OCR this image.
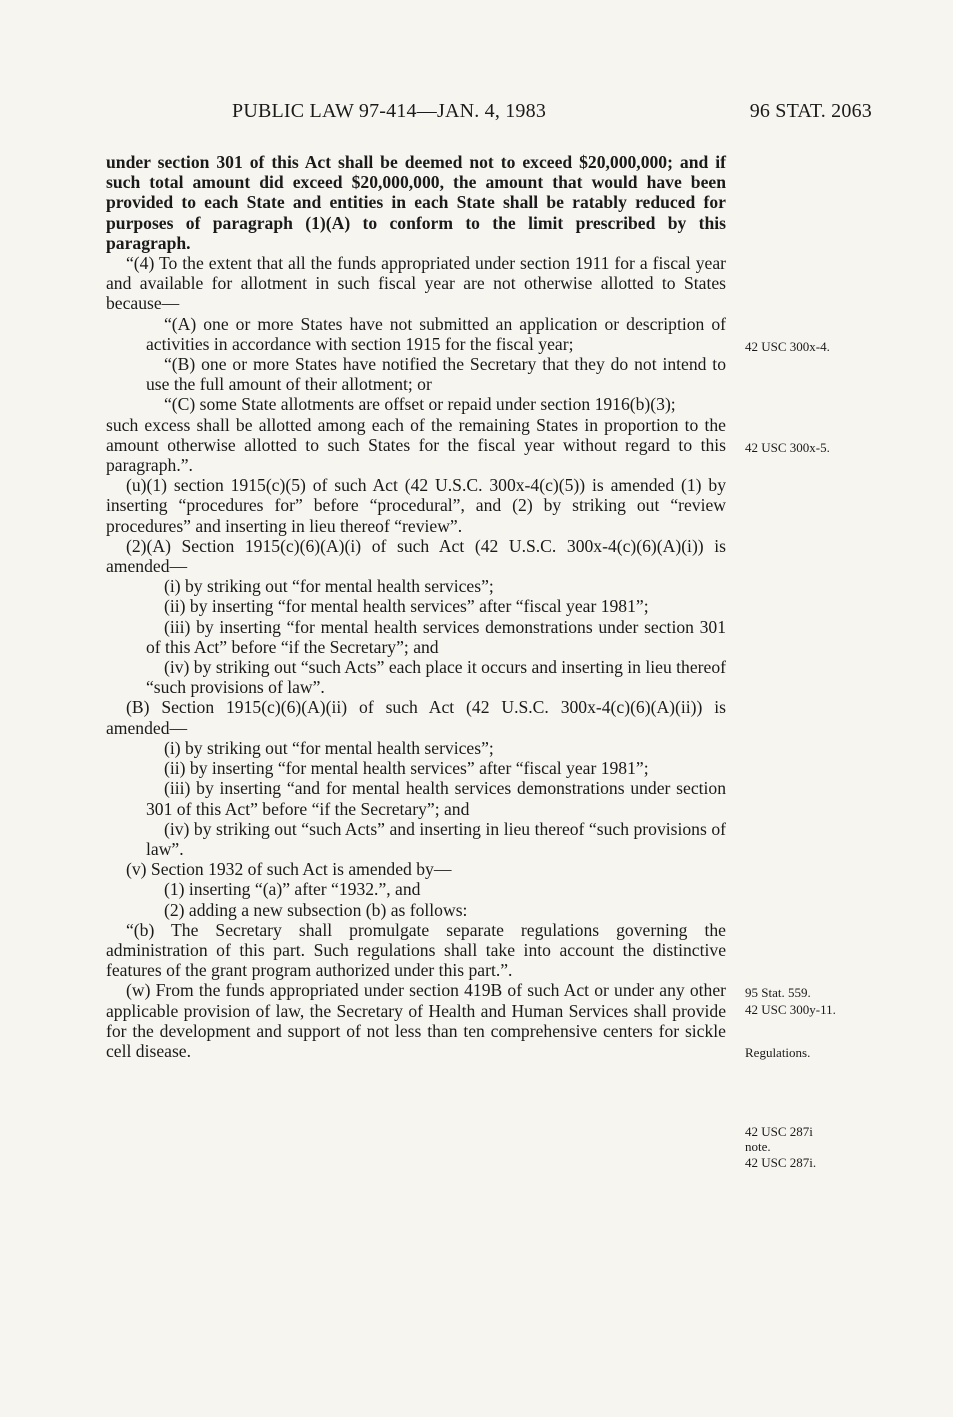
PUBLIC LAW 97-414—JAN. 4, 1983	96 STAT. 2063

under section 301 of this Act shall be deemed not to exceed $20,000,000; and if such total amount did exceed $20,000,000, the amount that would have been provided to each State and entities in each State shall be ratably reduced for purposes of paragraph (1)(A) to conform to the limit prescribed by this paragraph.

“(4) To the extent that all the funds appropriated under section 1911 for a fiscal year and available for allotment in such fiscal year are not otherwise allotted to States because—

“(A) one or more States have not submitted an application or description of activities in accordance with section 1915 for the fiscal year;

“(B) one or more States have notified the Secretary that they do not intend to use the full amount of their allotment; or

“(C) some State allotments are offset or repaid under section 1916(b)(3);

such excess shall be allotted among each of the remaining States in proportion to the amount otherwise allotted to such States for the fiscal year without regard to this paragraph.”.

(u)(1) section 1915(c)(5) of such Act (42 U.S.C. 300x-4(c)(5)) is amended (1) by inserting “procedures for” before “procedural”, and (2) by striking out “review procedures” and inserting in lieu thereof “review”.

(2)(A) Section 1915(c)(6)(A)(i) of such Act (42 U.S.C. 300x-4(c)(6)(A)(i)) is amended—

(i) by striking out “for mental health services”;

(ii) by inserting “for mental health services” after “fiscal year 1981”;

(iii) by inserting “for mental health services demonstrations under section 301 of this Act” before “if the Secretary”; and

(iv) by striking out “such Acts” each place it occurs and inserting in lieu thereof “such provisions of law”.

(B) Section 1915(c)(6)(A)(ii) of such Act (42 U.S.C. 300x-4(c)(6)(A)(ii)) is amended—

(i) by striking out “for mental health services”;

(ii) by inserting “for mental health services” after “fiscal year 1981”;

(iii) by inserting “and for mental health services demonstrations under section 301 of this Act” before “if the Secretary”; and

(iv) by striking out “such Acts” and inserting in lieu thereof “such provisions of law”.

(v) Section 1932 of such Act is amended by—

(1) inserting “(a)” after “1932.”, and

(2) adding a new subsection (b) as follows:

“(b) The Secretary shall promulgate separate regulations governing the administration of this part. Such regulations shall take into account the distinctive features of the grant program authorized under this part.”.

(w) From the funds appropriated under section 419B of such Act or under any other applicable provision of law, the Secretary of Health and Human Services shall provide for the development and support of not less than ten comprehensive centers for sickle cell disease.

42 USC 300x-4.
42 USC 300x-5.
95 Stat. 559.
42 USC 300y-11.
Regulations.
42 USC 287i
note.
42 USC 287i.
